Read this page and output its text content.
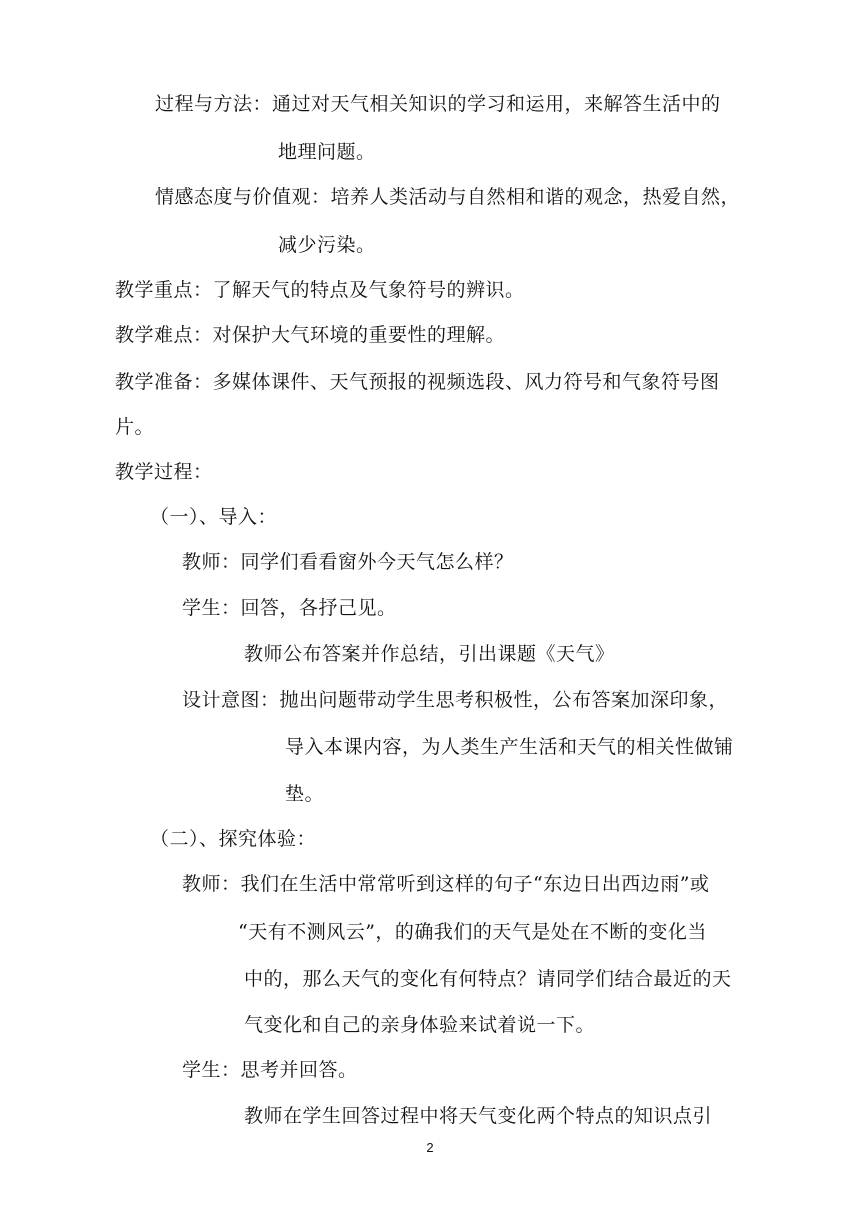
过程与方法：通过对天气相关知识的学习和运用，来解答生活中的
地理问题。
情感态度与价值观：培养人类活动与自然相和谐的观念，热爱自然，
减少污染。
教学重点：了解天气的特点及气象符号的辨识。
教学难点：对保护大气环境的重要性的理解。
教学准备：多媒体课件、天气预报的视频选段、风力符号和气象符号图
片。
教学过程：
（一）、导入：
教师：同学们看看窗外今天气怎么样？
学生：回答，各抒己见。
教师公布答案并作总结，引出课题《天气》
设计意图：抛出问题带动学生思考积极性，公布答案加深印象，
导入本课内容，为人类生产生活和天气的相关性做铺
垫。
（二）、探究体验：
教师：我们在生活中常常听到这样的句子“东边日出西边雨”或
“天有不测风云”，的确我们的天气是处在不断的变化当
中的，那么天气的变化有何特点？请同学们结合最近的天
气变化和自己的亲身体验来试着说一下。
学生：思考并回答。
教师在学生回答过程中将天气变化两个特点的知识点引
2
